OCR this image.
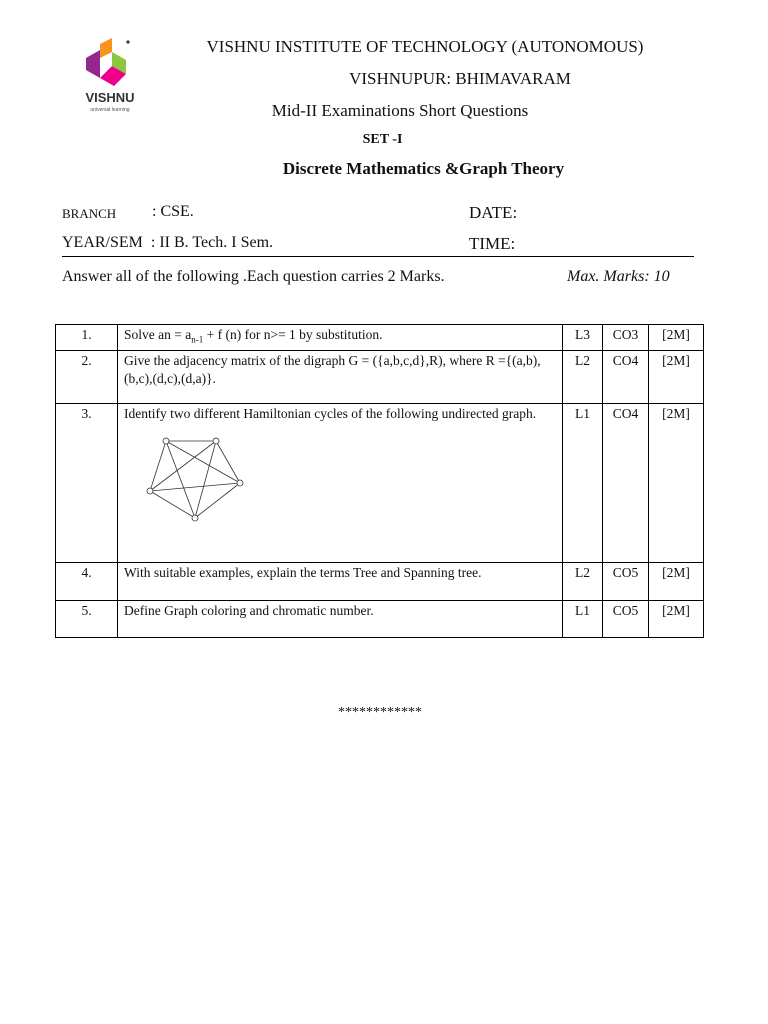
VISHNU
universal learning
VISHNU INSTITUTE OF TECHNOLOGY (AUTONOMOUS)
VISHNUPUR: BHIMAVARAM
Mid-II Examinations Short Questions
SET -I
Discrete Mathematics &Graph Theory
BRANCH : CSE.	DATE:
YEAR/SEM  : II B. Tech. I Sem.	TIME:
Answer all of the following .Each question carries 2 Marks.	Max. Marks: 10
1.	Solve an = $a_{n-1} + f$ (n) for n>= 1 by substitution.	L3	CO3	[2M]
2.	Give the adjacency matrix of the digraph G = ({a,b,c,d},R), where R ={(a,b),(b,c),(d,c),(d,a)}.	L2	CO4	[2M]
3.	Identify two different Hamiltonian cycles of the following undirected graph.	L1	CO4	[2M]
4.	With suitable examples, explain the terms Tree and Spanning tree.	L2	CO5	[2M]
5.	Define Graph coloring and chromatic number.	L1	CO5	[2M]
************
